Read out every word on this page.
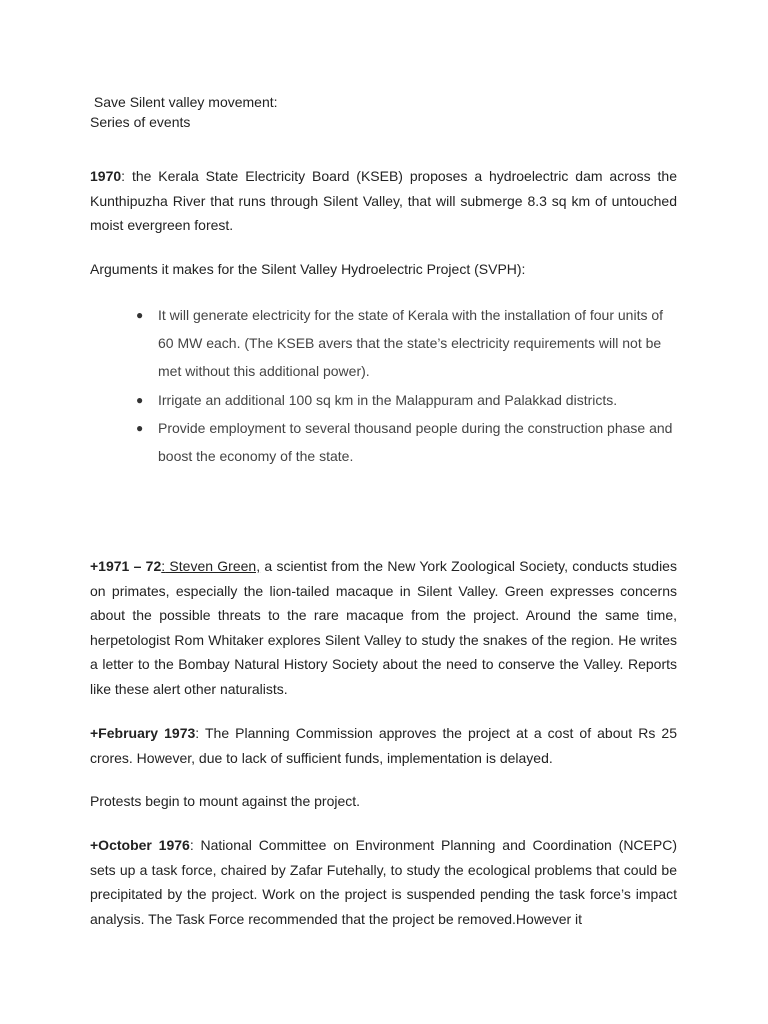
Save Silent valley movement:
Series of events

1970: the Kerala State Electricity Board (KSEB) proposes a hydroelectric dam across the Kunthipuzha River that runs through Silent Valley, that will submerge 8.3 sq km of untouched moist evergreen forest.

Arguments it makes for the Silent Valley Hydroelectric Project (SVPH):

● It will generate electricity for the state of Kerala with the installation of four units of 60 MW each. (The KSEB avers that the state’s electricity requirements will not be met without this additional power).
● Irrigate an additional 100 sq km in the Malappuram and Palakkad districts.
● Provide employment to several thousand people during the construction phase and boost the economy of the state.

+1971 – 72: Steven Green, a scientist from the New York Zoological Society, conducts studies on primates, especially the lion-tailed macaque in Silent Valley. Green expresses concerns about the possible threats to the rare macaque from the project. Around the same time, herpetologist Rom Whitaker explores Silent Valley to study the snakes of the region. He writes a letter to the Bombay Natural History Society about the need to conserve the Valley. Reports like these alert other naturalists.

+February 1973: The Planning Commission approves the project at a cost of about Rs 25 crores. However, due to lack of sufficient funds, implementation is delayed.

Protests begin to mount against the project.

+October 1976: National Committee on Environment Planning and Coordination (NCEPC) sets up a task force, chaired by Zafar Futehally, to study the ecological problems that could be precipitated by the project. Work on the project is suspended pending the task force’s impact analysis. The Task Force recommended that the project be removed.However it
